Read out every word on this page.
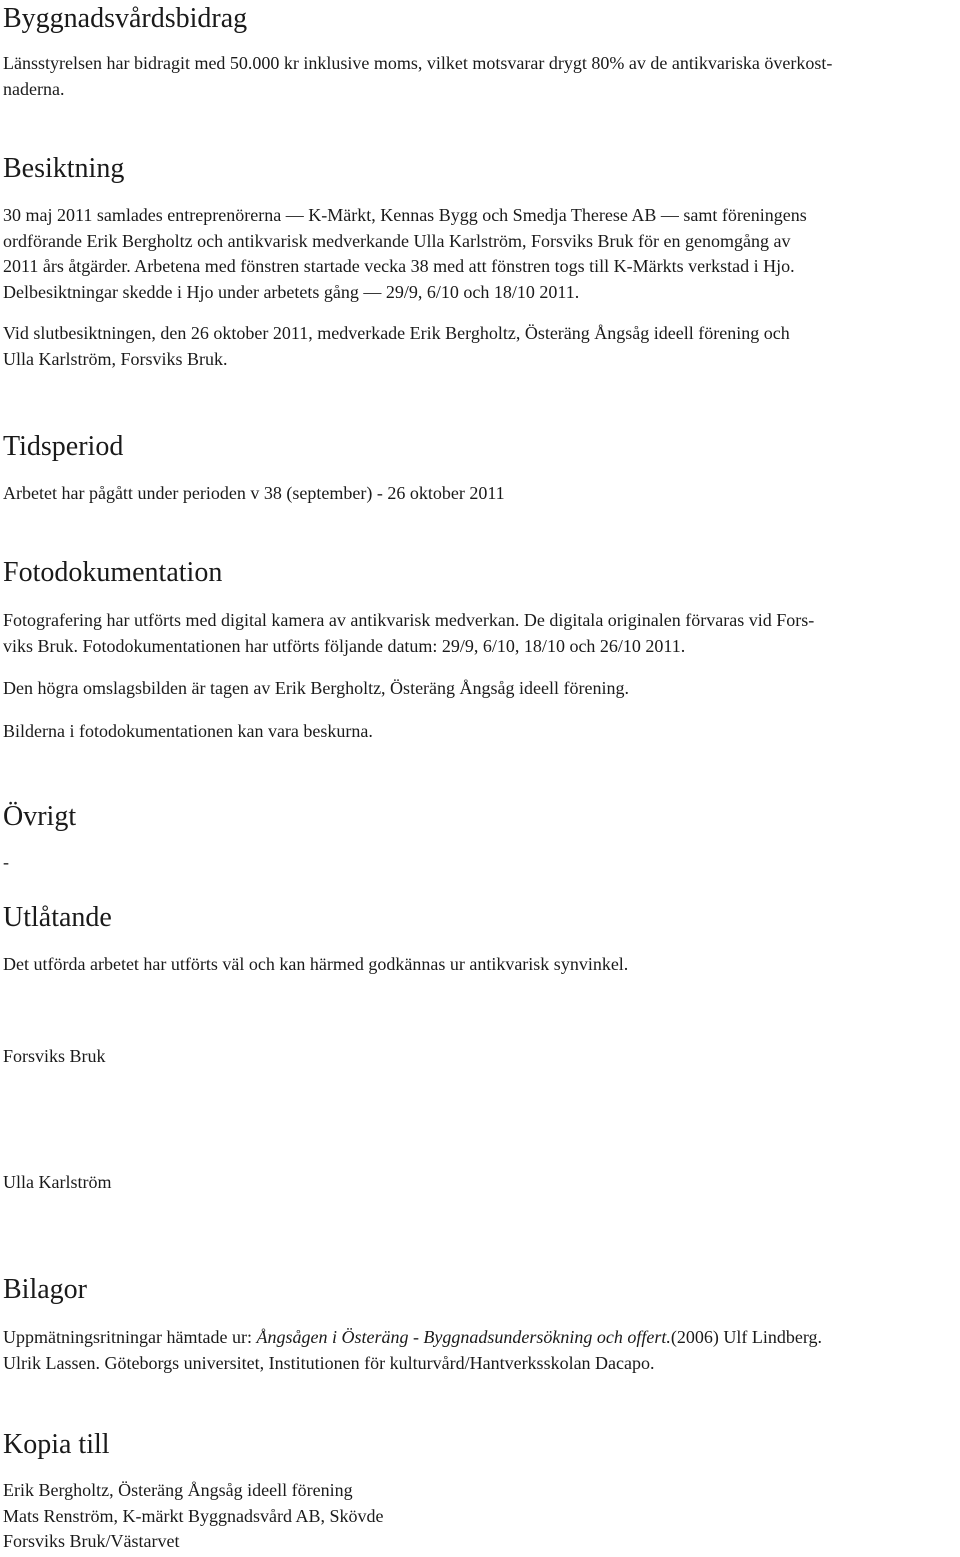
Byggnadsvårdsbidrag

Länsstyrelsen har bidragit med 50.000 kr inklusive moms, vilket motsvarar drygt 80% av de antikvariska överkost-

naderna.

Besiktning

30 maj 2011 samlades entreprenörerna — K-Märkt, Kennas Bygg och Smedja Therese AB — samt föreningens

ordförande Erik Bergholtz och antikvarisk medverkande Ulla Karlström, Forsviks Bruk för en genomgång av

2011 års åtgärder. Arbetena med fönstren startade vecka 38 med att fönstren togs till K-Märkts verkstad i Hjo.

Delbesiktningar skedde i Hjo under arbetets gång — 29/9, 6/10 och 18/10 2011.

Vid slutbesiktningen, den 26 oktober 2011, medverkade Erik Bergholtz, Österäng Ångsåg ideell förening och

Ulla Karlström, Forsviks Bruk.

Tidsperiod

Arbetet har pågått under perioden v 38 (september) - 26 oktober 2011

Fotodokumentation

Fotografering har utförts med digital kamera av antikvarisk medverkan. De digitala originalen förvaras vid Fors-

viks Bruk. Fotodokumentationen har utförts följande datum: 29/9, 6/10, 18/10 och 26/10 2011.

Den högra omslagsbilden är tagen av Erik Bergholtz, Österäng Ångsåg ideell förening.

Bilderna i fotodokumentationen kan vara beskurna.

Övrigt

-

Utlåtande

Det utförda arbetet har utförts väl och kan härmed godkännas ur antikvarisk synvinkel.

Forsviks Bruk

Ulla Karlström

Bilagor

Uppmätningsritningar hämtade ur: Ångsågen i Österäng - Byggnadsundersökning och offert.(2006) Ulf Lindberg.

Ulrik Lassen. Göteborgs universitet, Institutionen för kulturvård/Hantverksskolan Dacapo.

Kopia till

Erik Bergholtz, Österäng Ångsåg ideell förening

Mats Renström, K-märkt Byggnadsvård AB, Skövde

Forsviks Bruk/Västarvet
